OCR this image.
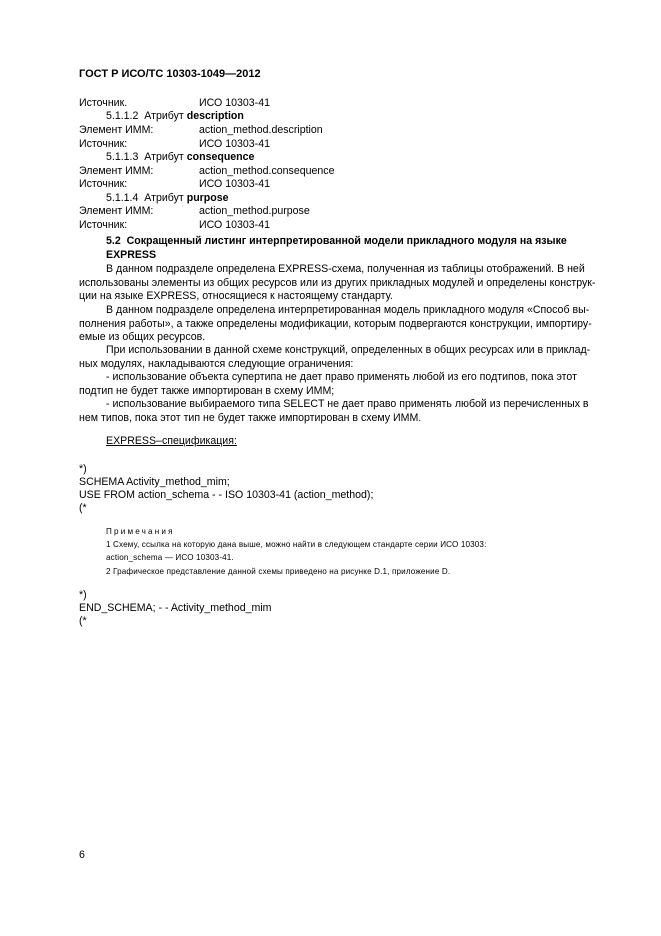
ГОСТ Р ИСО/ТС 10303-1049—2012
Источник.	ИСО 10303-41
5.1.1.2 Атрибут description
Элемент ИММ:	action_method.description
Источник:	ИСО 10303-41
5.1.1.3 Атрибут consequence
Элемент ИММ:	action_method.consequence
Источник:	ИСО 10303-41
5.1.1.4 Атрибут purpose
Элемент ИММ:	action_method.purpose
Источник:	ИСО 10303-41
5.2 Сокращенный листинг интерпретированной модели прикладного модуля на языке
EXPRESS
В данном подразделе определена EXPRESS-схема, полученная из таблицы отображений. В ней
использованы элементы из общих ресурсов или из других прикладных модулей и определены конструк-
ции на языке EXPRESS, относящиеся к настоящему стандарту.
В данном подразделе определена интерпретированная модель прикладного модуля «Способ вы-
полнения работы», а также определены модификации, которым подвергаются конструкции, импортиру-
емые из общих ресурсов.
При использовании в данной схеме конструкций, определенных в общих ресурсах или в приклад-
ных модулях, накладываются следующие ограничения:
- использование объекта супертипа не дает право применять любой из его подтипов, пока этот
подтип не будет также импортирован в схему ИММ;
- использование выбираемого типа SELECT не дает право применять любой из перечисленных в
нем типов, пока этот тип не будет также импортирован в схему ИММ.
EXPRESS–спецификация:
*)
SCHEMA Activity_method_mim;
USE FROM action_schema - - ISO 10303-41 (action_method);
(*
Примечания
1 Схему, ссылка на которую дана выше, можно найти в следующем стандарте серии ИСО 10303:
action_schema — ИСО 10303-41.
2 Графическое представление данной схемы приведено на рисунке D.1, приложение D.
*)
END_SCHEMA; - - Activity_method_mim
(*
6
